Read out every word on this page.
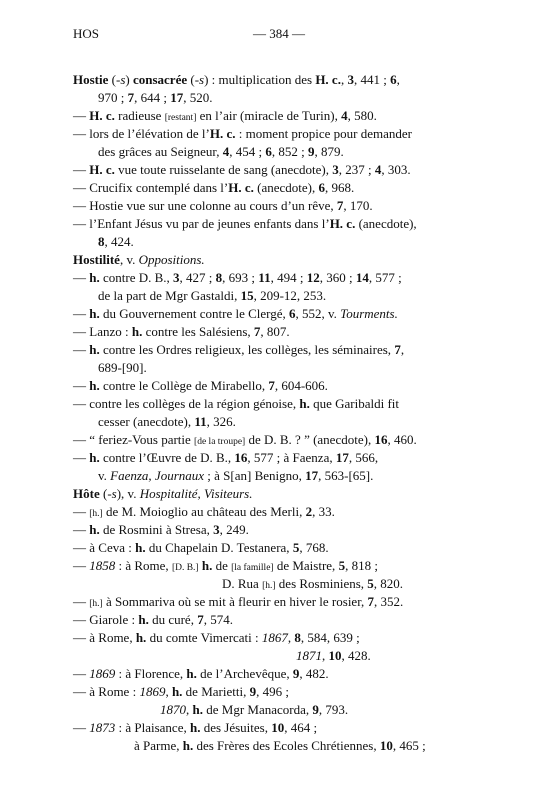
HOS	— 384 —
Hostie (-s) consacrée (-s) : multiplication des H. c., 3, 441 ; 6,
970 ; 7, 644 ; 17, 520.
— H. c. radieuse [restant] en l’air (miracle de Turin), 4, 580.
— lors de l’élévation de l’H. c. : moment propice pour demander
des grâces au Seigneur, 4, 454 ; 6, 852 ; 9, 879.
— H. c. vue toute ruisselante de sang (anecdote), 3, 237 ; 4, 303.
— Crucifix contemplé dans l’H. c. (anecdote), 6, 968.
— Hostie vue sur une colonne au cours d’un rêve, 7, 170.
— l’Enfant Jésus vu par de jeunes enfants dans l’H. c. (anecdote),
8, 424.
Hostilité, v. Oppositions.
— h. contre D. B., 3, 427 ; 8, 693 ; 11, 494 ; 12, 360 ; 14, 577 ;
de la part de Mgr Gastaldi, 15, 209-12, 253.
— h. du Gouvernement contre le Clergé, 6, 552, v. Tourments.
— Lanzo : h. contre les Salésiens, 7, 807.
— h. contre les Ordres religieux, les collèges, les séminaires, 7,
689-[90].
— h. contre le Collège de Mirabello, 7, 604-606.
— contre les collèges de la région génoise, h. que Garibaldi fit
cesser (anecdote), 11, 326.
— “ feriez-Vous partie [de la troupe] de D. B. ? ” (anecdote), 16, 460.
— h. contre l’Œuvre de D. B., 16, 577 ; à Faenza, 17, 566,
v. Faenza, Journaux ; à S[an] Benigno, 17, 563-[65].
Hôte (-s), v. Hospitalité, Visiteurs.
— [h.] de M. Moioglio au château des Merli, 2, 33.
— h. de Rosmini à Stresa, 3, 249.
— à Ceva : h. du Chapelain D. Testanera, 5, 768.
— 1858 : à Rome, [D. B.] h. de [la famille] de Maistre, 5, 818 ;
D. Rua [h.] des Rosminiens, 5, 820.
— [h.] à Sommariva où se mit à fleurir en hiver le rosier, 7, 352.
— Giarole : h. du curé, 7, 574.
— à Rome, h. du comte Vimercati : 1867, 8, 584, 639 ;
1871, 10, 428.
— 1869 : à Florence, h. de l’Archevêque, 9, 482.
— à Rome : 1869, h. de Marietti, 9, 496 ;
1870, h. de Mgr Manacorda, 9, 793.
— 1873 : à Plaisance, h. des Jésuites, 10, 464 ;
à Parme, h. des Frères des Ecoles Chrétiennes, 10, 465 ;
